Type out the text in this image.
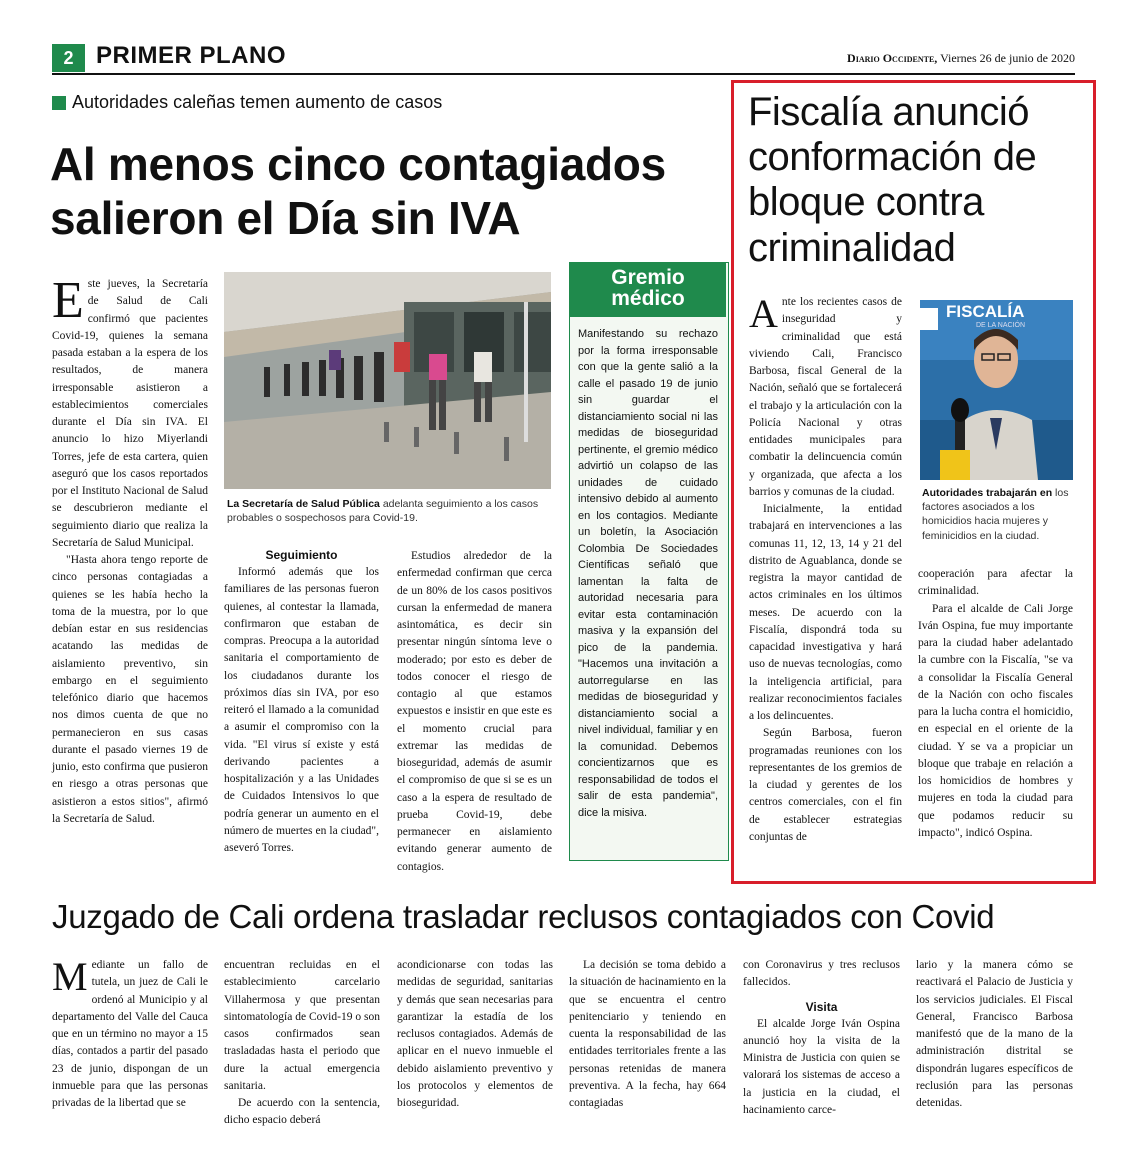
2 PRIMER PLANO	Diario Occidente, Viernes 26 de junio de 2020
Autoridades caleñas temen aumento de casos
Al menos cinco contagiados salieron el Día sin IVA

Este jueves, la Secretaría de Salud de Cali confirmó que pacientes Covid-19, quienes la semana pasada estaban a la espera de los resultados, de manera irresponsable asistieron a establecimientos comerciales durante el Día sin IVA. El anuncio lo hizo Miyerlandi Torres, jefe de esta cartera, quien aseguró que los casos reportados por el Instituto Nacional de Salud se descubrieron mediante el seguimiento diario que realiza la Secretaría de Salud Municipal.

"Hasta ahora tengo reporte de cinco personas contagiadas a quienes se les había hecho la toma de la muestra, por lo que debían estar en sus residencias acatando las medidas de aislamiento preventivo, sin embargo en el seguimiento telefónico diario que hacemos nos dimos cuenta de que no permanecieron en sus casas durante el pasado viernes 19 de junio, esto confirma que pusieron en riesgo a otras personas que asistieron a estos sitios", afirmó la Secretaría de Salud.

La Secretaría de Salud Pública adelanta seguimiento a los casos probables o sospechosos para Covid-19.
Seguimiento

Informó además que los familiares de las personas fueron quienes, al contestar la llamada, confirmaron que estaban de compras. Preocupa a la autoridad sanitaria el comportamiento de los ciudadanos durante los próximos días sin IVA, por eso reiteró el llamado a la comunidad a asumir el compromiso con la vida. "El virus sí existe y está derivando pacientes a hospitalización y a las Unidades de Cuidados Intensivos lo que podría generar un aumento en el número de muertes en la ciudad", aseveró Torres.

Estudios alrededor de la enfermedad confirman que cerca de un 80% de los casos positivos cursan la enfermedad de manera asintomática, es decir sin presentar ningún síntoma leve o moderado; por esto es deber de todos conocer el riesgo de contagio al que estamos expuestos e insistir en que este es el momento crucial para extremar las medidas de bioseguridad, además de asumir el compromiso de que si se es un caso a la espera de resultado de prueba Covid-19, debe permanecer en aislamiento evitando generar aumento de contagios.

Gremio
médico
Manifestando su rechazo por la forma irresponsable con que la gente salió a la calle el pasado 19 de junio sin guardar el distanciamiento social ni las medidas de bioseguridad pertinente, el gremio médico advirtió un colapso de las unidades de cuidado intensivo debido al aumento en los contagios. Mediante un boletín, la Asociación Colombia De Sociedades Científicas señaló que lamentan la falta de autoridad necesaria para evitar esta contaminación masiva y la expansión del pico de la pandemia. "Hacemos una invitación a autorregularse en las medidas de bioseguridad y distanciamiento social a nivel individual, familiar y en la comunidad. Debemos concientizarnos que es responsabilidad de todos el salir de esta pandemia", dice la misiva.
Fiscalía anunció conformación de bloque contra criminalidad

Ante los recientes casos de inseguridad y criminalidad que está viviendo Cali, Francisco Barbosa, fiscal General de la Nación, señaló que se fortalecerá el trabajo y la articulación con la Policía Nacional y otras entidades municipales para combatir la delincuencia común y organizada, que afecta a los barrios y comunas de la ciudad.

Inicialmente, la entidad trabajará en intervenciones a las comunas 11, 12, 13, 14 y 21 del distrito de Aguablanca, donde se registra la mayor cantidad de actos criminales en los últimos meses. De acuerdo con la Fiscalía, dispondrá toda su capacidad investigativa y hará uso de nuevas tecnologías, como la inteligencia artificial, para realizar reconocimientos faciales a los delincuentes.

Según Barbosa, fueron programadas reuniones con los representantes de los gremios de la ciudad y gerentes de los centros comerciales, con el fin de establecer estrategias conjuntas de

FISCALÍA
DE LA NACIÓN
Autoridades trabajarán en los factores asociados a los homicidios hacia mujeres y feminicidios en la ciudad.

cooperación para afectar la criminalidad.

Para el alcalde de Cali Jorge Iván Ospina, fue muy importante para la ciudad haber adelantado la cumbre con la Fiscalía, "se va a consolidar la Fiscalía General de la Nación con ocho fiscales para la lucha contra el homicidio, en especial en el oriente de la ciudad. Y se va a propiciar un bloque que trabaje en relación a los homicidios de hombres y mujeres en toda la ciudad para que podamos reducir su impacto", indicó Ospina.

Juzgado de Cali ordena trasladar reclusos contagiados con Covid

Mediante un fallo de tutela, un juez de Cali le ordenó al Municipio y al departamento del Valle del Cauca que en un término no mayor a 15 días, contados a partir del pasado 23 de junio, dispongan de un inmueble para que las personas privadas de la libertad que se

encuentran recluidas en el establecimiento carcelario Villahermosa y que presentan sintomatología de Covid-19 o son casos confirmados sean trasladadas hasta el periodo que dure la actual emergencia sanitaria.

De acuerdo con la sentencia, dicho espacio deberá

acondicionarse con todas las medidas de seguridad, sanitarias y demás que sean necesarias para garantizar la estadía de los reclusos contagiados. Además de aplicar en el nuevo inmueble el debido aislamiento preventivo y los protocolos y elementos de bioseguridad.

La decisión se toma debido a la situación de hacinamiento en la que se encuentra el centro penitenciario y teniendo en cuenta la responsabilidad de las entidades territoriales frente a las personas retenidas de manera preventiva. A la fecha, hay 664 contagiadas

con Coronavirus y tres reclusos fallecidos.

Visita

El alcalde Jorge Iván Ospina anunció hoy la visita de la Ministra de Justicia con quien se valorará los sistemas de acceso a la justicia en la ciudad, el hacinamiento carce-

lario y la manera cómo se reactivará el Palacio de Justicia y los servicios judiciales. El Fiscal General, Francisco Barbosa manifestó que de la mano de la administración distrital se dispondrán lugares específicos de reclusión para las personas detenidas.
